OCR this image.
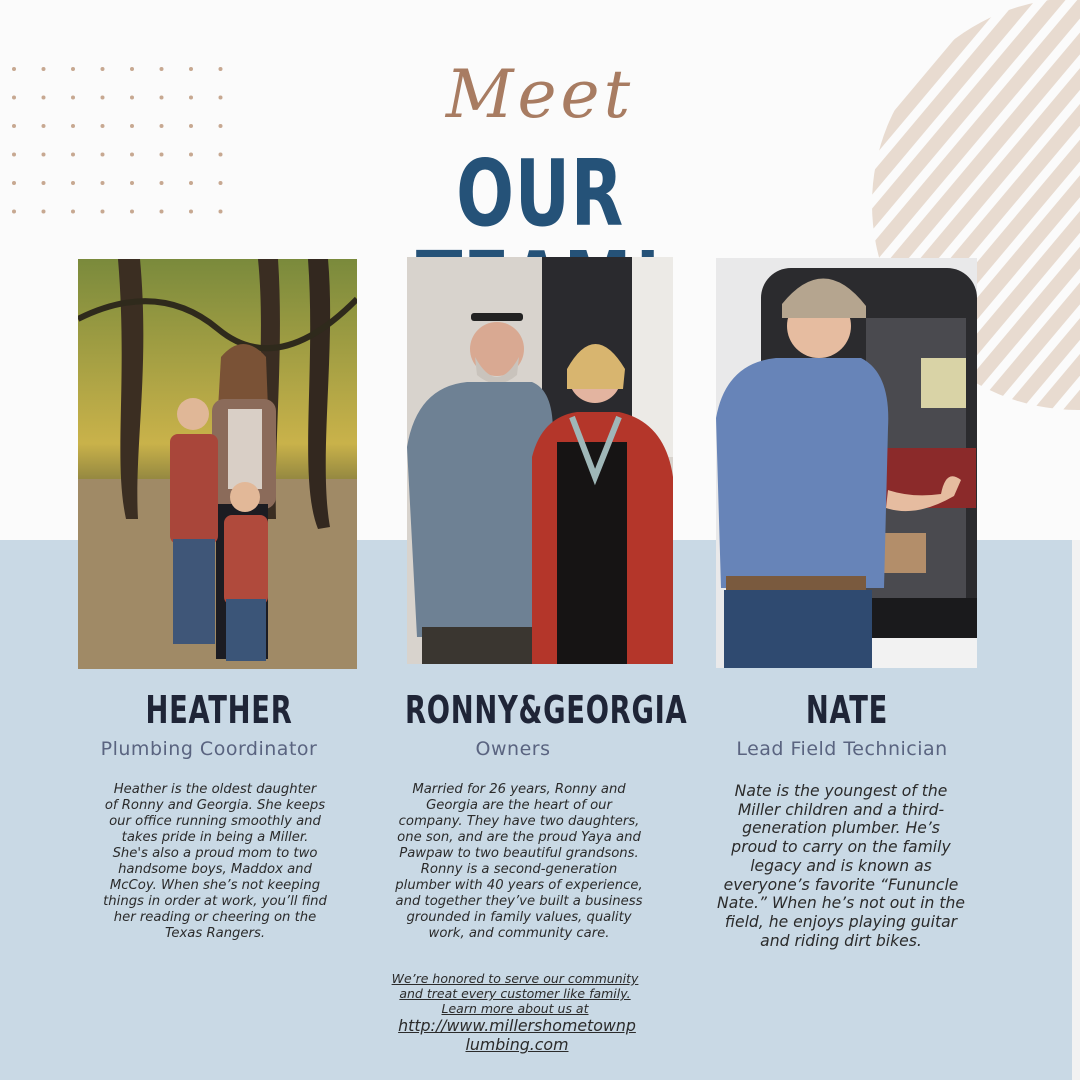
Meet
OUR
HEATHER
Plumbing Coordinator
RONNY&GEORGIA
Owners
NATE
Lead Field Technician
Heather is the oldest daughter
of Ronny and Georgia. She keeps
our office running smoothly and
takes pride in being a Miller.
She's also a proud mom to two
handsome boys, Maddox and
McCoy. When she’s not keeping
things in order at work, you’ll find
her reading or cheering on the
Texas Rangers.
Married for 26 years, Ronny and
Georgia are the heart of our
company. They have two daughters,
one son, and are the proud Yaya and
Pawpaw to two beautiful grandsons.
Ronny is a second-generation
plumber with 40 years of experience,
and together they’ve built a business
grounded in family values, quality
work, and community care.
Nate is the youngest of the
Miller children and a third-
generation plumber. He’s
proud to carry on the family
legacy and is known as
everyone’s favorite “Fununcle
Nate.” When he’s not out in the
field, he enjoys playing guitar
and riding dirt bikes.
We’re honored to serve our community
and treat every customer like family.
Learn more about us at
http://www.millershometownp
lumbing.com
